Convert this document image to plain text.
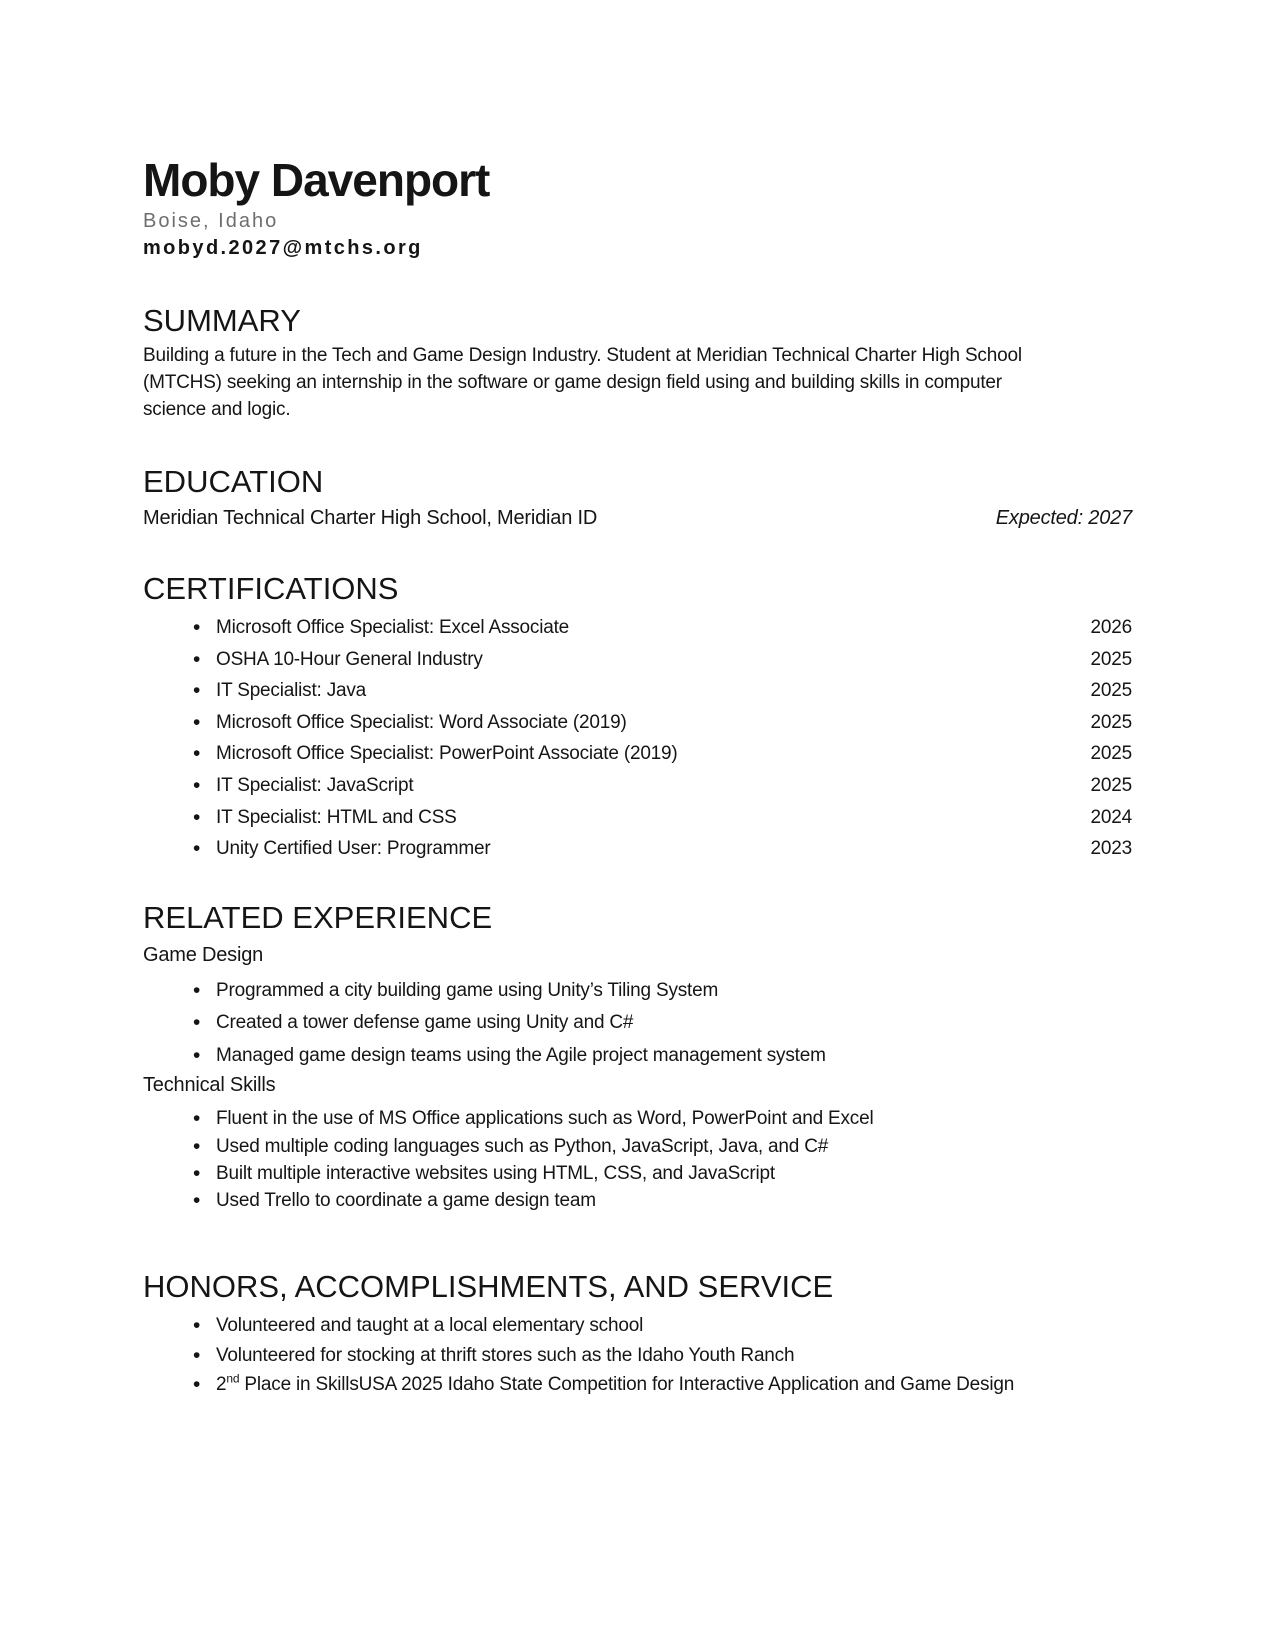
Moby Davenport
Boise, Idaho
mobyd.2027@mtchs.org
SUMMARY

Building a future in the Tech and Game Design Industry. Student at Meridian Technical Charter High School (MTCHS) seeking an internship in the software or game design field using and building skills in computer science and logic.

EDUCATION
Meridian Technical Charter High School, Meridian ID	Expected: 2027
CERTIFICATIONS
• Microsoft Office Specialist: Excel Associate	2026
• OSHA 10-Hour General Industry	2025
• IT Specialist: Java	2025
• Microsoft Office Specialist: Word Associate (2019)	2025
• Microsoft Office Specialist: PowerPoint Associate (2019)	2025
• IT Specialist: JavaScript	2025
• IT Specialist: HTML and CSS	2024
• Unity Certified User: Programmer	2023
RELATED EXPERIENCE
Game Design
• Programmed a city building game using Unity’s Tiling System
• Created a tower defense game using Unity and C#
• Managed game design teams using the Agile project management system
Technical Skills
• Fluent in the use of MS Office applications such as Word, PowerPoint and Excel
• Used multiple coding languages such as Python, JavaScript, Java, and C#
• Built multiple interactive websites using HTML, CSS, and JavaScript
• Used Trello to coordinate a game design team
HONORS, ACCOMPLISHMENTS, AND SERVICE
• Volunteered and taught at a local elementary school
• Volunteered for stocking at thrift stores such as the Idaho Youth Ranch
• 2nd Place in SkillsUSA 2025 Idaho State Competition for Interactive Application and Game Design
